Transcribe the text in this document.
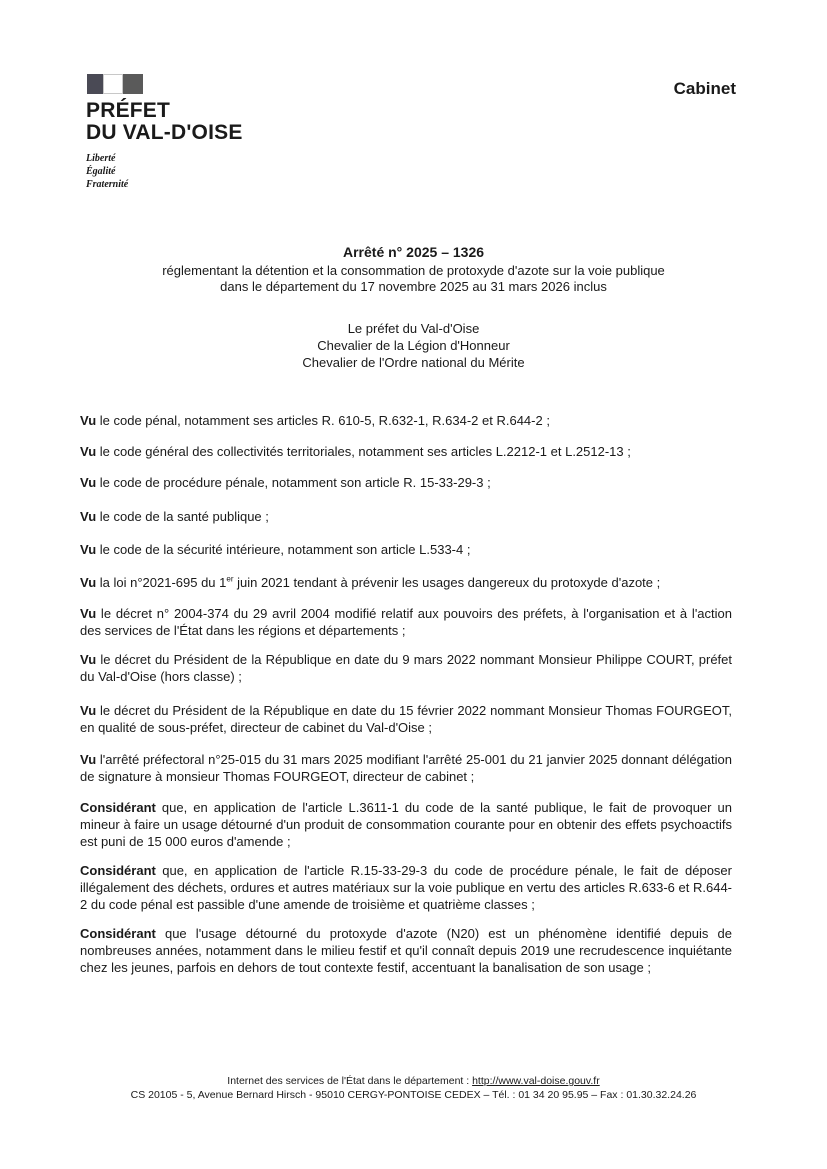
PRÉFET
DU VAL-D'OISE
Liberté
Égalité
Fraternité
Cabinet
Arrêté n° 2025 – 1326
réglementant la détention et la consommation de protoxyde d'azote sur la voie publique
dans le département du 17 novembre 2025 au 31 mars 2026 inclus
Le préfet du Val-d'Oise
Chevalier de la Légion d'Honneur
Chevalier de l'Ordre national du Mérite
Vu le code pénal, notamment ses articles R. 610-5, R.632-1, R.634-2 et R.644-2 ;
Vu le code général des collectivités territoriales, notamment ses articles L.2212-1 et L.2512-13 ;
Vu le code de procédure pénale, notamment son article R. 15-33-29-3 ;
Vu le code de la santé publique ;
Vu le code de la sécurité intérieure, notamment son article L.533-4 ;
Vu la loi n°2021-695 du 1er juin 2021 tendant à prévenir les usages dangereux du protoxyde d'azote ;
Vu le décret n° 2004-374 du 29 avril 2004 modifié relatif aux pouvoirs des préfets, à l'organisation et à l'action des services de l'État dans les régions et départements ;
Vu le décret du Président de la République en date du 9 mars 2022 nommant Monsieur Philippe COURT, préfet du Val-d'Oise (hors classe) ;
Vu le décret du Président de la République en date du 15 février 2022 nommant Monsieur Thomas FOURGEOT, en qualité de sous-préfet, directeur de cabinet du Val-d'Oise ;
Vu l'arrêté préfectoral n°25-015 du 31 mars 2025 modifiant l'arrêté 25-001 du 21 janvier 2025 donnant délégation de signature à monsieur Thomas FOURGEOT, directeur de cabinet ;
Considérant que, en application de l'article L.3611-1 du code de la santé publique, le fait de provoquer un mineur à faire un usage détourné d'un produit de consommation courante pour en obtenir des effets psychoactifs est puni de 15 000 euros d'amende ;
Considérant que, en application de l'article R.15-33-29-3 du code de procédure pénale, le fait de déposer illégalement des déchets, ordures et autres matériaux sur la voie publique en vertu des articles R.633-6 et R.644-2 du code pénal est passible d'une amende de troisième et quatrième classes ;
Considérant que l'usage détourné du protoxyde d'azote (N20) est un phénomène identifié depuis de nombreuses années, notamment dans le milieu festif et qu'il connaît depuis 2019 une recrudescence inquiétante chez les jeunes, parfois en dehors de tout contexte festif, accentuant la banalisation de son usage ;
Internet des services de l'État dans le département : http://www.val-doise.gouv.fr
CS 20105 - 5, Avenue Bernard Hirsch - 95010 CERGY-PONTOISE CEDEX – Tél. : 01 34 20 95.95 – Fax : 01.30.32.24.26
